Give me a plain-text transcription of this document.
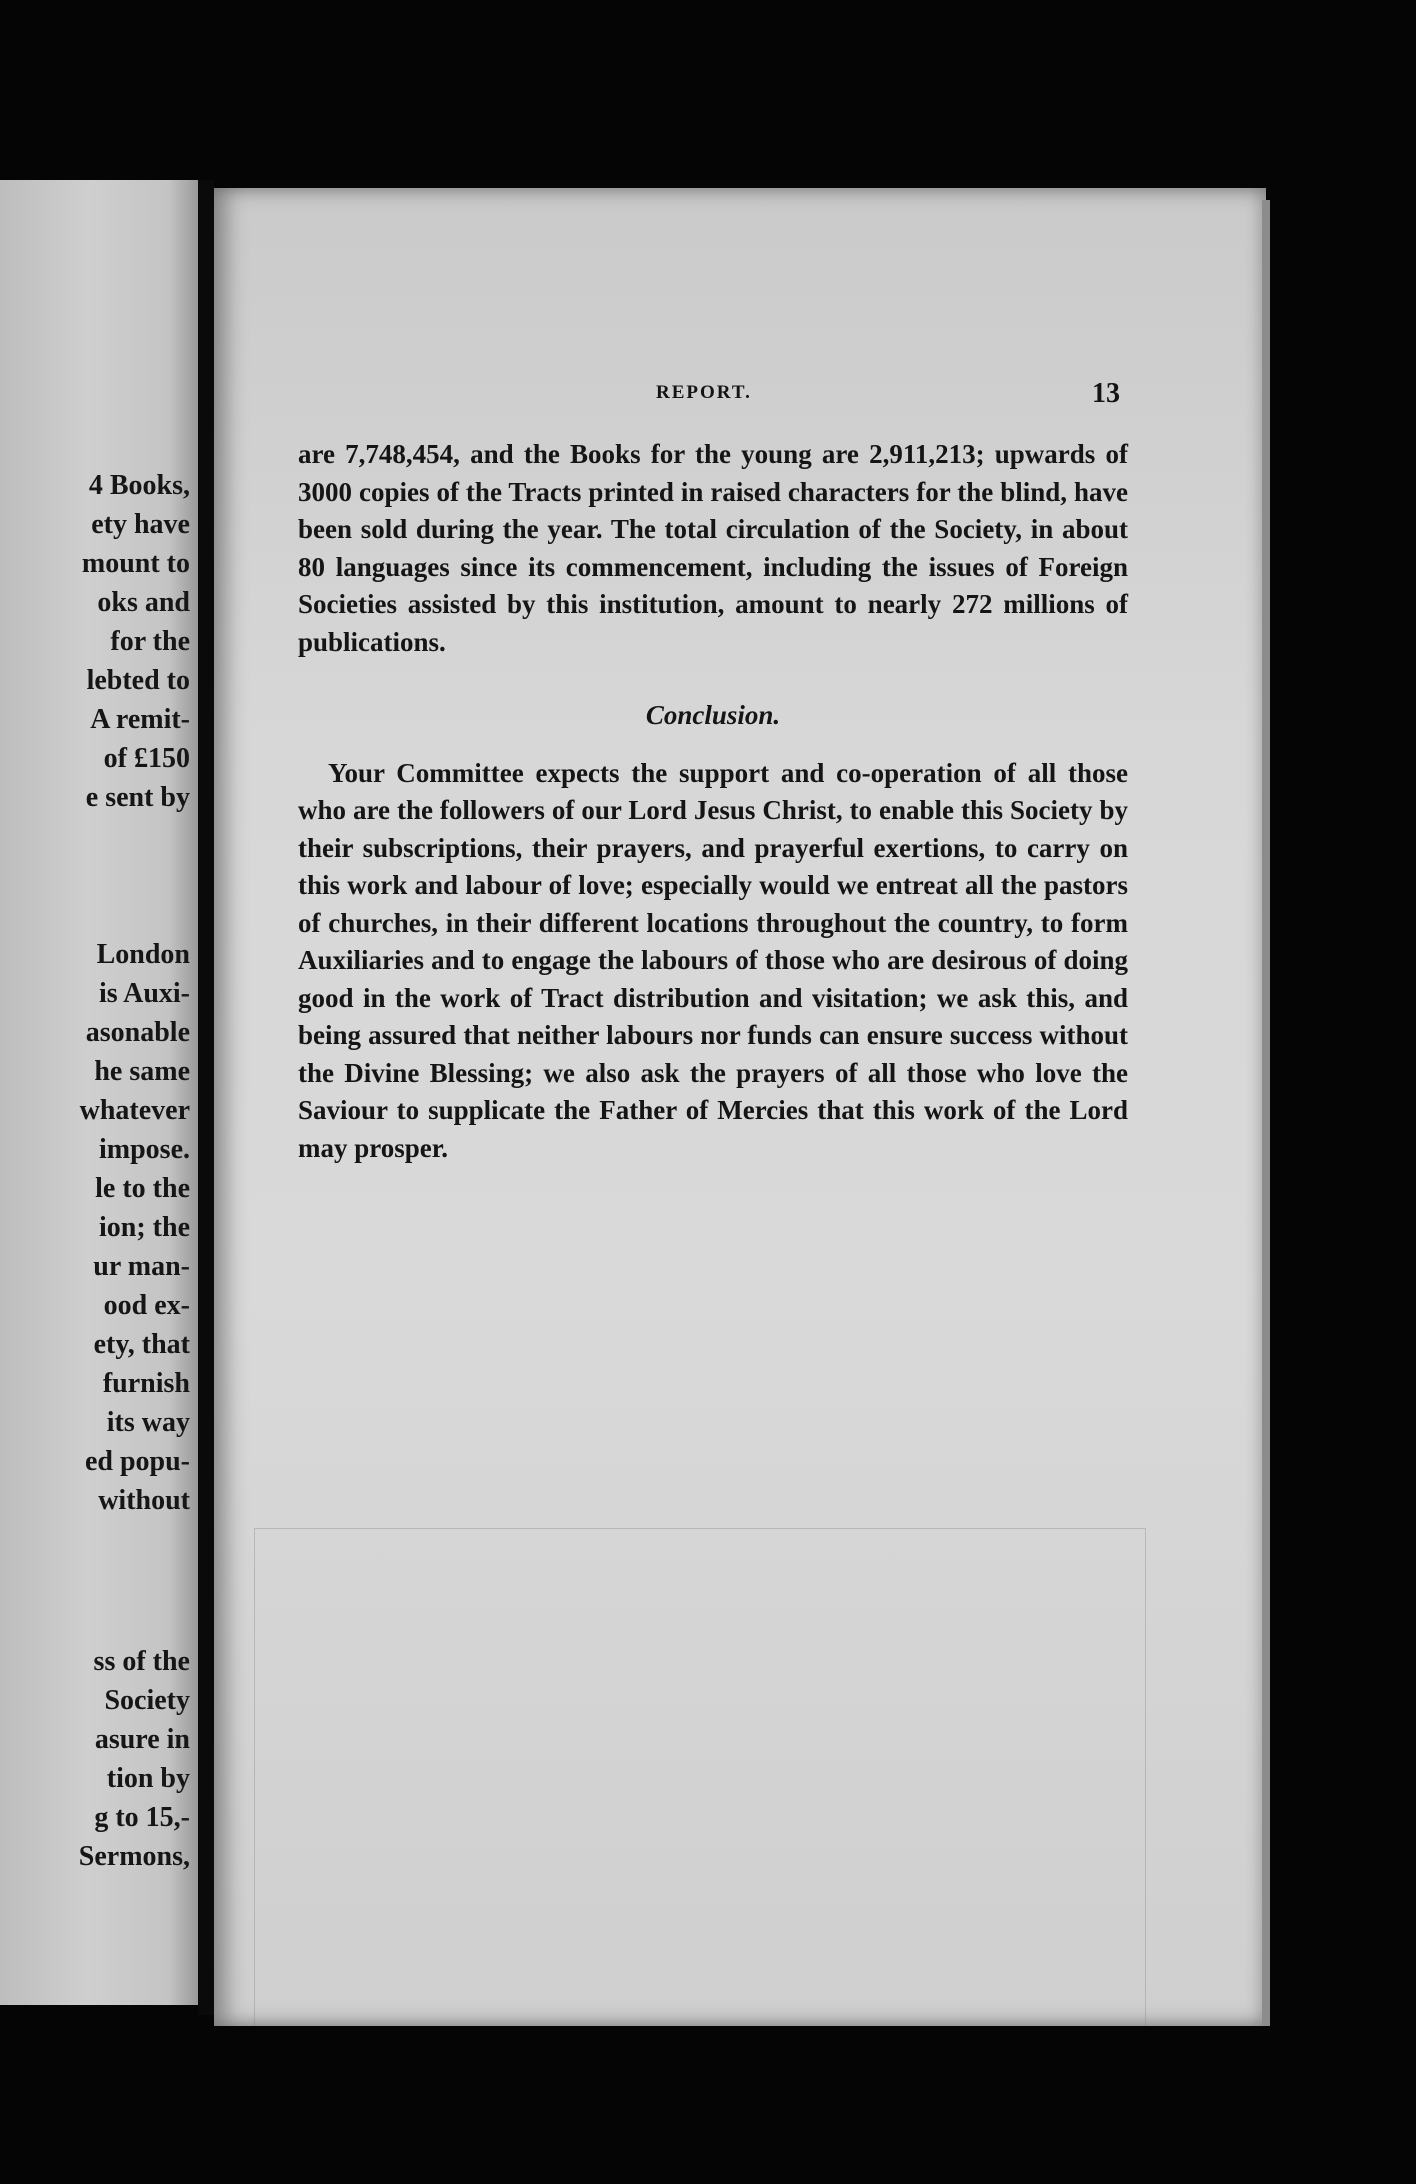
4 Books,
ety have
mount to
oks and
for the
lebted to
A remit-
of £150
e sent by
London
is Auxi-
asonable
he same
whatever
impose.
le to the
ion; the
ur man-
ood ex-
ety, that
furnish
its way
ed popu-
without
ss of the
Society
asure in
tion by
g to 15,-
Sermons,
REPORT.	13

are 7,748,454, and the Books for the young are 2,911,213; upwards of 3000 copies of the Tracts printed in raised characters for the blind, have been sold during the year. The total circulation of the Society, in about 80 languages since its commencement, including the issues of Foreign Societies assisted by this institution, amount to nearly 272 millions of publications.

Conclusion.

Your Committee expects the support and co-operation of all those who are the followers of our Lord Jesus Christ, to enable this Society by their subscriptions, their prayers, and prayerful exertions, to carry on this work and labour of love; especially would we entreat all the pastors of churches, in their different locations throughout the country, to form Auxiliaries and to engage the labours of those who are desirous of doing good in the work of Tract distribution and visitation; we ask this, and being assured that neither labours nor funds can ensure success without the Divine Blessing; we also ask the prayers of all those who love the Saviour to supplicate the Father of Mercies that this work of the Lord may prosper.
